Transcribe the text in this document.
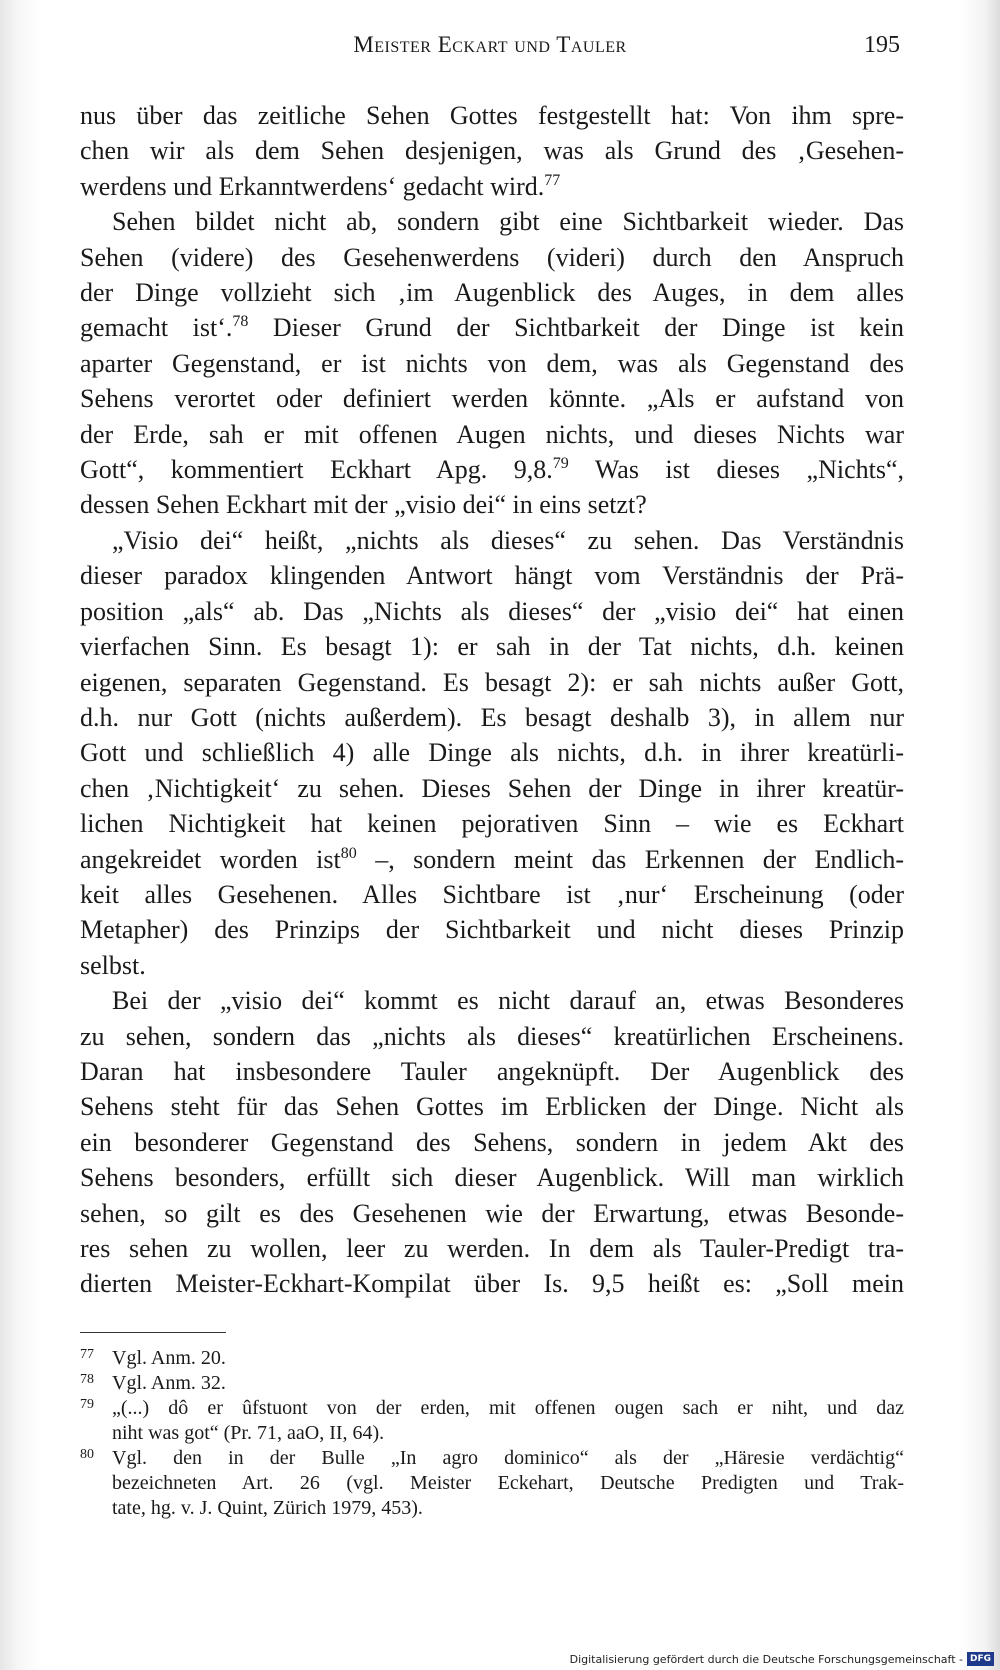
Meister Eckart und Tauler	195

nus über das zeitliche Sehen Gottes festgestellt hat: Von ihm spre-
chen wir als dem Sehen desjenigen, was als Grund des ‚Gesehen-
werdens und Erkanntwerdens‘ gedacht wird.$^{77}$

Sehen bildet nicht ab, sondern gibt eine Sichtbarkeit wieder. Das
Sehen (videre) des Gesehenwerdens (videri) durch den Anspruch
der Dinge vollzieht sich ‚im Augenblick des Auges, in dem alles
gemacht ist‘.$^{78}$ Dieser Grund der Sichtbarkeit der Dinge ist kein
aparter Gegenstand, er ist nichts von dem, was als Gegenstand des
Sehens verortet oder definiert werden könnte. „Als er aufstand von
der Erde, sah er mit offenen Augen nichts, und dieses Nichts war
Gott“, kommentiert Eckhart Apg. 9,8.79 Was ist dieses „Nichts“,
dessen Sehen Eckhart mit der „visio dei“ in eins setzt?

„Visio dei“ heißt, „nichts als dieses“ zu sehen. Das Verständnis
dieser paradox klingenden Antwort hängt vom Verständnis der Prä-
position „als“ ab. Das „Nichts als dieses“ der „visio dei“ hat einen
vierfachen Sinn. Es besagt 1): er sah in der Tat nichts, d.h. keinen
eigenen, separaten Gegenstand. Es besagt 2): er sah nichts außer Gott,
d.h. nur Gott (nichts außerdem). Es besagt deshalb 3), in allem nur
Gott und schließlich 4) alle Dinge als nichts, d.h. in ihrer kreatürli-
chen ‚Nichtigkeit‘ zu sehen. Dieses Sehen der Dinge in ihrer kreatür-
lichen Nichtigkeit hat keinen pejorativen Sinn – wie es Eckhart
angekreidet worden ist$^{80}$ –, sondern meint das Erkennen der Endlich-
keit alles Gesehenen. Alles Sichtbare ist ‚nur‘ Erscheinung (oder
Metapher) des Prinzips der Sichtbarkeit und nicht dieses Prinzip
selbst.

Bei der „visio dei“ kommt es nicht darauf an, etwas Besonderes
zu sehen, sondern das „nichts als dieses“ kreatürlichen Erscheinens.
Daran hat insbesondere Tauler angeknüpft. Der Augenblick des
Sehens steht für das Sehen Gottes im Erblicken der Dinge. Nicht als
ein besonderer Gegenstand des Sehens, sondern in jedem Akt des
Sehens besonders, erfüllt sich dieser Augenblick. Will man wirklich
sehen, so gilt es des Gesehenen wie der Erwartung, etwas Besonde-
res sehen zu wollen, leer zu werden. In dem als Tauler-Predigt tra-
dierten Meister-Eckhart-Kompilat über Is. 9,5 heißt es: „Soll mein

77 Vgl. Anm. 20.
78 Vgl. Anm. 32.
79 „(...) dô er ûfstuont von der erden, mit offenen ougen sach er niht, und daz
niht was got“ (Pr. 71, aaO, II, 64).
80 Vgl. den in der Bulle „In agro dominico“ als der „Häresie verdächtig“
bezeichneten Art. 26 (vgl. Meister Eckehart, Deutsche Predigten und Trak-
tate, hg. v. J. Quint, Zürich 1979, 453).
Digitalisierung gefördert durch die Deutsche Forschungsgemeinschaft - DFG
